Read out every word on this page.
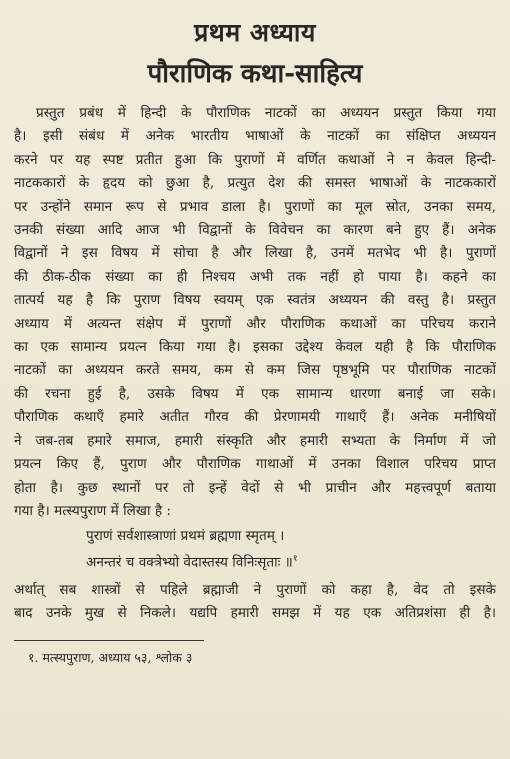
प्रथम अध्याय
पौराणिक कथा-साहित्य
प्रस्तुत प्रबंध में हिन्दी के पौराणिक नाटकों का अध्ययन प्रस्तुत किया गया
है। इसी संबंध में अनेक भारतीय भाषाओं के नाटकों का संक्षिप्त अध्ययन
करने पर यह स्पष्ट प्रतीत हुआ कि पुराणों में वर्णित कथाओं ने न केवल हिन्दी-
नाटककारों के हृदय को छुआ है, प्रत्युत देश की समस्त भाषाओं के नाटककारों
पर उन्होंने समान रूप से प्रभाव डाला है। पुराणों का मूल स्रोत, उनका समय,
उनकी संख्या आदि आज भी विद्वानों के विवेचन का कारण बने हुए हैं। अनेक
विद्वानों ने इस विषय में सोचा है और लिखा है, उनमें मतभेद भी है। पुराणों
की ठीक-ठीक संख्या का ही निश्चय अभी तक नहीं हो पाया है। कहने का
तात्पर्य यह है कि पुराण विषय स्वयम् एक स्वतंत्र अध्ययन की वस्तु है। प्रस्तुत
अध्याय में अत्यन्त संक्षेप में पुराणों और पौराणिक कथाओं का परिचय कराने
का एक सामान्य प्रयत्न किया गया है। इसका उद्देश्य केवल यही है कि पौराणिक
नाटकों का अध्ययन करते समय, कम से कम जिस पृष्ठभूमि पर पौराणिक नाटकों
की रचना हुई है, उसके विषय में एक सामान्य धारणा बनाई जा सके।
पौराणिक कथाएँ हमारे अतीत गौरव की प्रेरणामयी गाथाएँ हैं। अनेक मनीषियों
ने जब-तब हमारे समाज, हमारी संस्कृति और हमारी सभ्यता के निर्माण में जो
प्रयत्न किए हैं, पुराण और पौराणिक गाथाओं में उनका विशाल परिचय प्राप्त
होता है। कुछ स्थानों पर तो इन्हें वेदों से भी प्राचीन और महत्त्वपूर्ण बताया
गया है। मत्स्यपुराण में लिखा है :
पुराणं सर्वशास्त्राणां प्रथमं ब्रह्मणा स्मृतम् ।
अनन्तरं च वक्त्रेभ्यो वेदास्तस्य विनिःसृताः ॥$^१$
अर्थात् सब शास्त्रों से पहिले ब्रह्माजी ने पुराणों को कहा है, वेद तो इसके
बाद उनके मुख से निकले। यद्यपि हमारी समझ में यह एक अतिप्रशंसा ही है।
१. मत्स्यपुराण, अध्याय ५३, श्लोक ३
